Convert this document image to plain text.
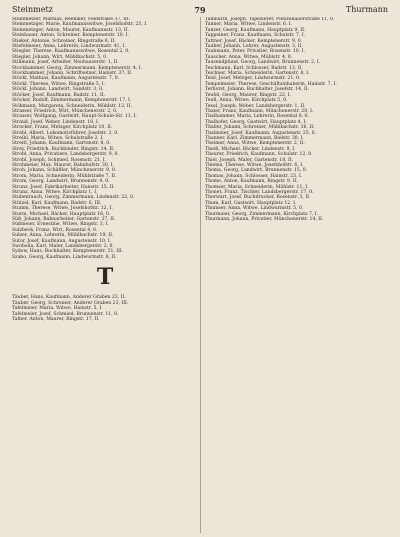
Steinmetz	79	Thurmann

Steinmetzer, Mathias, Reeniker, Feldstraße 37, III.

Steinmetzger, Marie, Kaufmannswitwe, Josefshofstr. 25, I.

Steinmetzger, Anton, Maurer, Kaufmannstr. 13, II.

Steinhauer, Anton, Schreiner, Kemptenerstr. 10, I.

Stieker, Antonie, Schreiner, Ringstraße 8, II.

Stiefelmeier, Anna, Lehrerin, Lindwurmstr. 41, I.

Stiegler, Therese, Kaufmannswitwe, Rosental 2, 0.

Stiegler, Johann, Wirt, Mühlbachstr. 5, 0.

Stillmann, Josef, Arbeiter, Neuhauserstr. 1, II.

Stockhammer, Georg, Zimmermann, Kemptenerstr. 4, I.

Stockhammer, Johann, Schriftsetzer, Hainstr. 37, II.

Stöckl, Mathias, Kaufmann, Augustenstr. 7, 0.

Stöckl, Therese, Witwe, Ringstraße 5, I.

Stöckl, Johann, Landwirt, Sandstr. 3, 0.

Stöcker, Josef, Kaufmann, Badstr. 11, II.

Stöcker, Rudolf, Zimmermann, Kemptenerstr. 17, I.

Stökmann, Margareta, Schneiderin, Mühlstr. 12, II.

Strasser, Friedrich, Wirt, Münchenerstr. 2, 0.

Strasser, Wolfgang, Gastwirt, Haupt-Schule-Str. 11, I.

Strauß, Josef, Weber, Lindenstr. 18, I.

Strecker, Franz, Metzger, Kirchplatz 10, II.

Strebl, Albert, Lokomotivführer, Josefstr. 3, 0.

Streibl, Maria, Witwe, Schulstraße 2, I.

Streitl, Johann, Kaufmann, Gartenstr. 8, 0.

Strey, Friedrich, Buchbinder, Ringstr. 14, II.

Strobl, Anna, Privatiere, Landsbergerstr. 9, 0.

Strobl, Joseph, Schmied, Rosenstr. 21, I.

Strohmeier, Max, Maurer, Bahnhofstr. 30, I.

Stroh, Johann, Schäffler, Münchenerstr. 9, 0.

Strom, Maria, Schneiderin, Mühlstraße 7, II.

Strom, Georg, Landwirt, Brunnenstr. 4, 0.

Strunz, Josef, Fabrikarbeiter, Hainstr. 15, II.

Strunz, Anna, Witwe, Kirchplatz 1, I.

Stubenrauch, Georg, Zimmermann, Lindenstr. 22, 0.

Stützel, Karl, Kaufmann, Badstr. 6, III.

Stumm, Therese, Witwe, Josefshofstr. 12, I.

Sturm, Michael, Bäcker, Hauptplatz 16, 0.

Süß, Johann, Bahnarbeiter, Gartenstr. 27, II.

Süßmeier, Ernestine, Witwe, Ringstr. 3, I.

Sulzbeck, Franz, Wirt, Rosental 4, 0.

Sulzer, Anna, Lehrerin, Mühlbachstr. 19, II.

Sutor, Josef, Kaufmann, Augustenstr. 10, I.

Swoboda, Karl, Maler, Landsbergerstr. 2, 0.

Sydow, Hans, Buchhalter, Kemptenerstr. 31, III.

Szabo, Georg, Kaufmann, Lindwurmstr. 8, II.

T

Täuber, Hans, Kaufmann, Anderer Graben 23, II.

Täuber, Georg, Schreiner, Anderer Graben 23, III.

Tafelmeier, Maria, Witwe, Hainstr. 5, I.

Tafelmeier, Josef, Schmied, Brunnenstr. 11, 0.

Tafner, Anton, Maurer, Ringstr. 17, II.

Tamburin, Joseph, Tapezierer, Pienzenauerstraße 11, 0.

Tanner, Maria, Witwe, Lindenstr. 6, I.

Tanzer, Georg, Kaufmann, Hauptplatz 9, II.

Tappeiner, Franz, Kaufmann, Schulstr. 7, I.

Tattner, Josef, Bäcker, Kemptenerstr. 9, 0.

Tauber, Johann, Lehrer, Augustenstr. 3, II.

Taubmann, Peter, Privatier, Rosenstr. 10, I.

Tauscher, Anna, Witwe, Mühlstr. 4, 0.

Tausendpfund, Georg, Landwirt, Brunnenstr. 2, I.

Teichmann, Karl, Schlosser, Badstr. 13, II.

Teichner, Maria, Schneiderin, Gartenstr. 8, I.

Teisl, Josef, Metzger, Lindwurmstr. 21, 0.

Tempelmeier, Therese, Geschäftsinhaberin, Hainstr. 7, I.

Terhorst, Johann, Buchhalter, Josefstr. 14, II.

Teufel, Georg, Maurer, Ringstr. 22, I.

Teufl, Anna, Witwe, Kirchplatz 5, 0.

Texel, Joseph, Weber, Landsbergerstr. 1, II.

Thaler, Franz, Kaufmann, Münchenerstr. 20, I.

Thalhammer, Maria, Lehrerin, Rosental 8, 0.

Thalhofer, Georg, Gastwirt, Hauptplatz 4, I.

Thaller, Johann, Schreiner, Mühlbachstr. 16, II.

Thalmeier, Josef, Kaufmann, Augustenstr. 25, 0.

Thanner, Karl, Zimmermann, Badstr. 30, I.

Theimer, Anna, Witwe, Kemptenerstr. 2, II.

Theiß, Michael, Bäcker, Lindenstr. 9, I.

Theurer, Friedrich, Kaufmann, Schulstr. 12, 0.

Thiel, Joseph, Maler, Gartenstr. 18, II.

Thieme, Therese, Witwe, Josefshofstr. 6, I.

Thoma, Georg, Landwirt, Brunnenstr. 15, 0.

Thomas, Johann, Schlosser, Hainstr. 23, I.

Thome, Anton, Kaufmann, Ringstr. 9, II.

Thomser, Maria, Schneiderin, Mühlstr. 11, I.

Thonet, Franz, Tischler, Landsbergerstr. 17, 0.

Thorwart, Josef, Buchdrucker, Rosenstr. 3, II.

Thum, Karl, Gastwirt, Hauptplatz 12, I.

Thumser, Anna, Witwe, Lindwurmstr. 5, 0.

Thurmaier, Georg, Zimmermann, Kirchplatz 7, I.

Thurmann, Johann, Privatier, Münchenerstr. 14, II.
